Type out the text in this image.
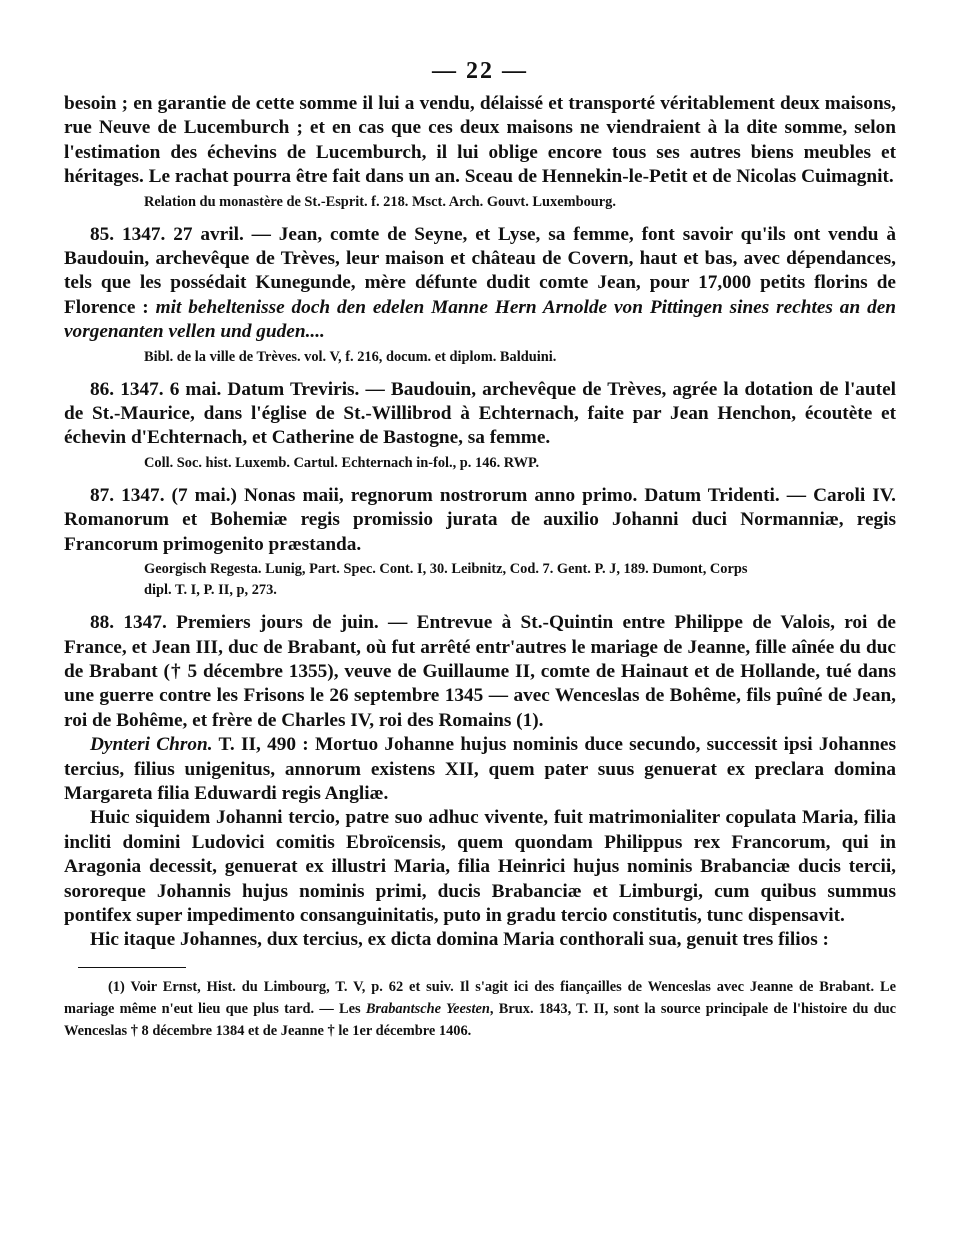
— 22 —

besoin ; en garantie de cette somme il lui a vendu, délaissé et transporté véritablement deux maisons, rue Neuve de Lucemburch ; et en cas que ces deux maisons ne viendraient à la dite somme, selon l'estimation des échevins de Lucemburch, il lui oblige encore tous ses autres biens meubles et héritages. Le rachat pourra être fait dans un an. Sceau de Hennekin-le-Petit et de Nicolas Cuimagnit.

Relation du monastère de St.-Esprit. f. 218. Msct. Arch. Gouvt. Luxembourg.

85. 1347. 27 avril. — Jean, comte de Seyne, et Lyse, sa femme, font savoir qu'ils ont vendu à Baudouin, archevêque de Trèves, leur maison et château de Covern, haut et bas, avec dépendances, tels que les possédait Kunegunde, mère défunte dudit comte Jean, pour 17,000 petits florins de Florence : mit beheltenisse doch den edelen Manne Hern Arnolde von Pittingen sines rechtes an den vorgenanten vellen und guden....

Bibl. de la ville de Trèves. vol. V, f. 216, docum. et diplom. Balduini.

86. 1347. 6 mai. Datum Treviris. — Baudouin, archevêque de Trèves, agrée la dotation de l'autel de St.-Maurice, dans l'église de St.-Willibrod à Echternach, faite par Jean Henchon, écoutète et échevin d'Echternach, et Catherine de Bastogne, sa femme.

Coll. Soc. hist. Luxemb. Cartul. Echternach in-fol., p. 146. RWP.

87. 1347. (7 mai.) Nonas maii, regnorum nostrorum anno primo. Datum Tridenti. — Caroli IV. Romanorum et Bohemiæ regis promissio jurata de auxilio Johanni duci Normanniæ, regis Francorum primogenito præstanda.

Georgisch Regesta. Lunig, Part. Spec. Cont. I, 30. Leibnitz, Cod. 7. Gent. P. J, 189. Dumont, Corps
dipl. T. I, P. II, p, 273.

88. 1347. Premiers jours de juin. — Entrevue à St.-Quintin entre Philippe de Valois, roi de France, et Jean III, duc de Brabant, où fut arrêté entr'autres le mariage de Jeanne, fille aînée du duc de Brabant († 5 décembre 1355), veuve de Guillaume II, comte de Hainaut et de Hollande, tué dans une guerre contre les Frisons le 26 septembre 1345 — avec Wenceslas de Bohême, fils puîné de Jean, roi de Bohême, et frère de Charles IV, roi des Romains (1).

Dynteri Chron. T. II, 490 : Mortuo Johanne hujus nominis duce secundo, successit ipsi Johannes tercius, filius unigenitus, annorum existens XII, quem pater suus genuerat ex preclara domina Margareta filia Eduwardi regis Angliæ.

Huic siquidem Johanni tercio, patre suo adhuc vivente, fuit matrimonialiter copulata Maria, filia incliti domini Ludovici comitis Ebroïcensis, quem quondam Philippus rex Francorum, qui in Aragonia decessit, genuerat ex illustri Maria, filia Heinrici hujus nominis Brabanciæ ducis tercii, sororeque Johannis hujus nominis primi, ducis Brabanciæ et Limburgi, cum quibus summus pontifex super impedimento consanguinitatis, puto in gradu tercio constitutis, tunc dispensavit.

Hic itaque Johannes, dux tercius, ex dicta domina Maria conthorali sua, genuit tres filios :

(1) Voir Ernst, Hist. du Limbourg, T. V, p. 62 et suiv. Il s'agit ici des fiançailles de Wenceslas avec Jeanne de Brabant. Le mariage même n'eut lieu que plus tard. — Les Brabantsche Yeesten, Brux. 1843, T. II, sont la source principale de l'histoire du duc Wenceslas † 8 décembre 1384 et de Jeanne † le 1er décembre 1406.
